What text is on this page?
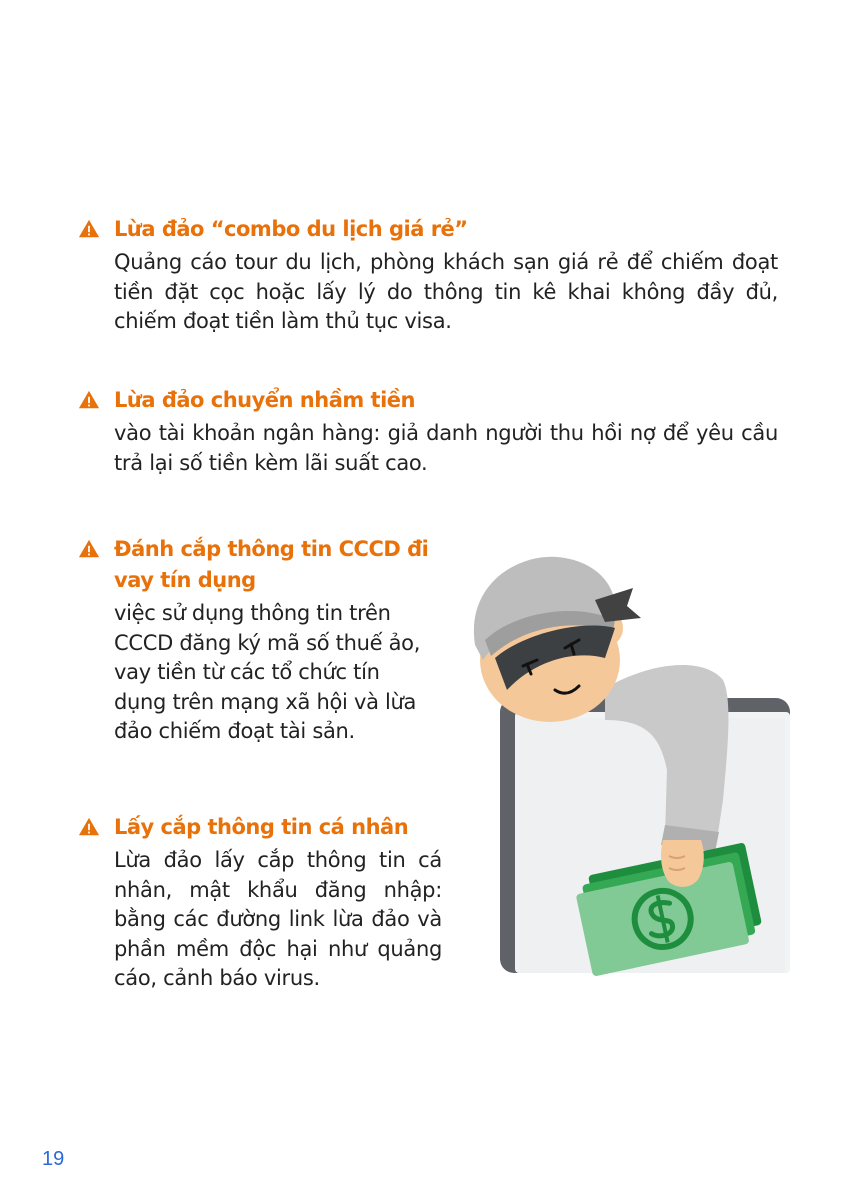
Lừa đảo “combo du lịch giá rẻ”
Quảng cáo tour du lịch, phòng khách sạn giá rẻ để chiếm đoạt tiền đặt cọc hoặc lấy lý do thông tin kê khai không đầy đủ, chiếm đoạt tiền làm thủ tục visa.
Lừa đảo chuyển nhầm tiền
vào tài khoản ngân hàng: giả danh người thu hồi nợ để yêu cầu trả lại số tiền kèm lãi suất cao.
Đánh cắp thông tin CCCD đi vay tín dụng
việc sử dụng thông tin trên CCCD đăng ký mã số thuế ảo, vay tiền từ các tổ chức tín dụng trên mạng xã hội và lừa đảo chiếm đoạt tài sản.
Lấy cắp thông tin cá nhân
Lừa đảo lấy cắp thông tin cá nhân, mật khẩu đăng nhập: bằng các đường link lừa đảo và phần mềm độc hại như quảng cáo, cảnh báo virus.
19
